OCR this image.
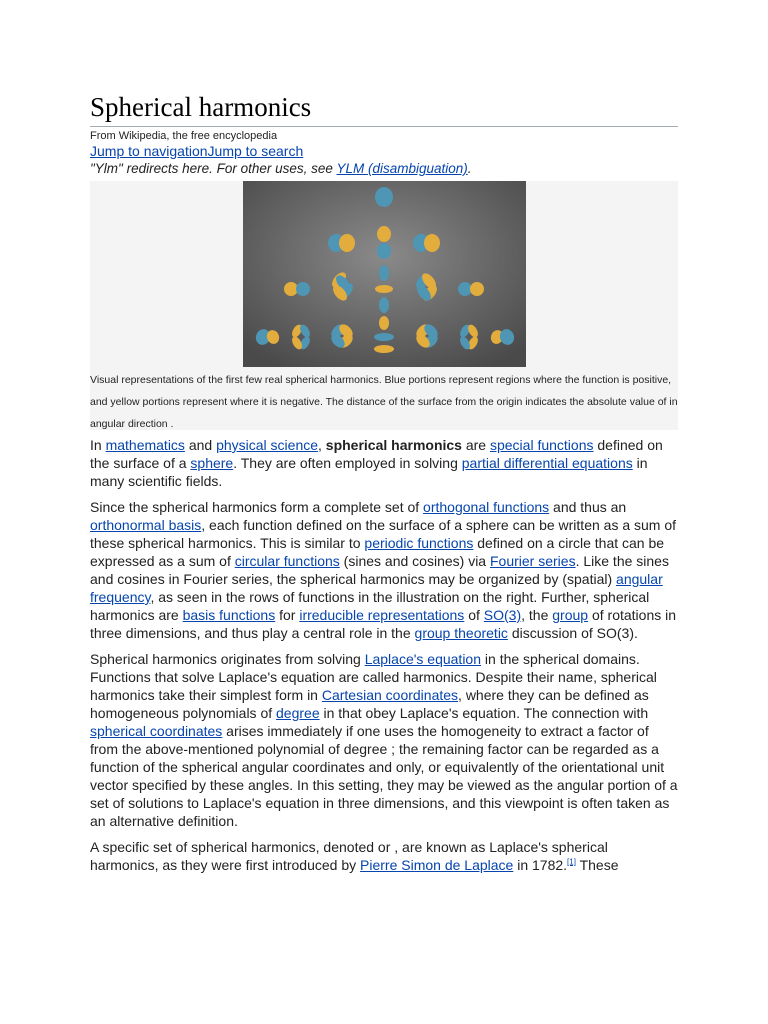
Spherical harmonics
From Wikipedia, the free encyclopedia
Jump to navigationJump to search
"Ylm" redirects here. For other uses, see YLM (disambiguation).
Visual representations of the first few real spherical harmonics. Blue portions represent regions where the function is positive, and yellow portions represent where it is negative. The distance of the surface from the origin indicates the absolute value of in angular direction .

In mathematics and physical science, spherical harmonics are special functions defined on the surface of a sphere. They are often employed in solving partial differential equations in many scientific fields.

Since the spherical harmonics form a complete set of orthogonal functions and thus an orthonormal basis, each function defined on the surface of a sphere can be written as a sum of these spherical harmonics. This is similar to periodic functions defined on a circle that can be expressed as a sum of circular functions (sines and cosines) via Fourier series. Like the sines and cosines in Fourier series, the spherical harmonics may be organized by (spatial) angular frequency, as seen in the rows of functions in the illustration on the right. Further, spherical harmonics are basis functions for irreducible representations of SO(3), the group of rotations in three dimensions, and thus play a central role in the group theoretic discussion of SO(3).

Spherical harmonics originates from solving Laplace's equation in the spherical domains. Functions that solve Laplace's equation are called harmonics. Despite their name, spherical harmonics take their simplest form in Cartesian coordinates, where they can be defined as homogeneous polynomials of degree in that obey Laplace's equation. The connection with spherical coordinates arises immediately if one uses the homogeneity to extract a factor of from the above-mentioned polynomial of degree ; the remaining factor can be regarded as a function of the spherical angular coordinates and only, or equivalently of the orientational unit vector specified by these angles. In this setting, they may be viewed as the angular portion of a set of solutions to Laplace's equation in three dimensions, and this viewpoint is often taken as an alternative definition.

A specific set of spherical harmonics, denoted or , are known as Laplace's spherical harmonics, as they were first introduced by Pierre Simon de Laplace in 1782.[1] These
